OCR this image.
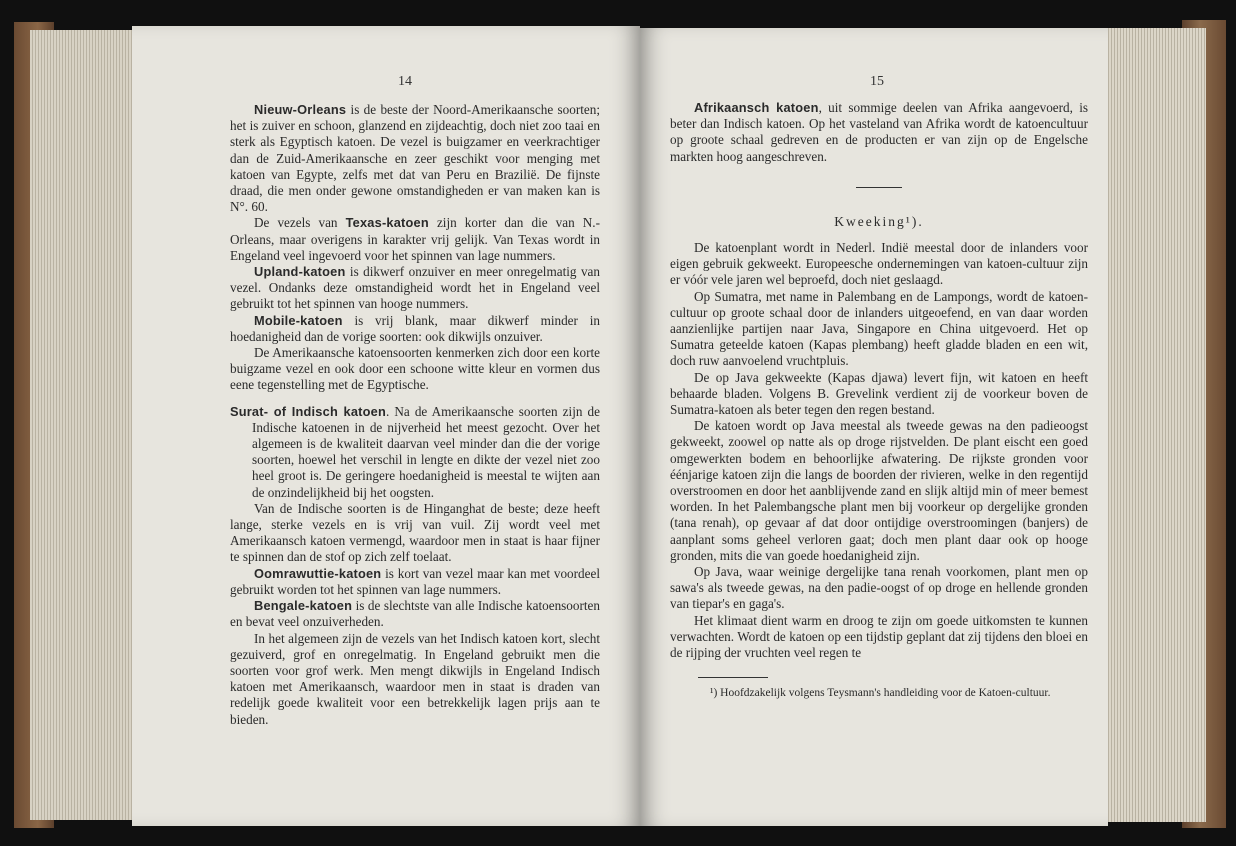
14

Nieuw-Orleans is de beste der Noord-Amerikaansche soorten; het is zuiver en schoon, glanzend en zijdeachtig, doch niet zoo taai en sterk als Egyptisch katoen. De vezel is buigzamer en veerkrachtiger dan de Zuid-Amerikaansche en zeer geschikt voor menging met katoen van Egypte, zelfs met dat van Peru en Brazilië. De fijnste draad, die men onder gewone omstandigheden er van maken kan is N°. 60.

De vezels van Texas-katoen zijn korter dan die van N.-Orleans, maar overigens in karakter vrij gelijk. Van Texas wordt in Engeland veel ingevoerd voor het spinnen van lage nummers.

Upland-katoen is dikwerf onzuiver en meer onregelmatig van vezel. Ondanks deze omstandigheid wordt het in Engeland veel gebruikt tot het spinnen van hooge nummers.

Mobile-katoen is vrij blank, maar dikwerf minder in hoedanigheid dan de vorige soorten: ook dikwijls onzuiver.

De Amerikaansche katoensoorten kenmerken zich door een korte buigzame vezel en ook door een schoone witte kleur en vormen dus eene tegenstelling met de Egyptische.

Surat- of Indisch katoen. Na de Amerikaansche soorten zijn de Indische katoenen in de nijverheid het meest gezocht. Over het algemeen is de kwaliteit daarvan veel minder dan die der vorige soorten, hoewel het verschil in lengte en dikte der vezel niet zoo heel groot is. De geringere hoedanigheid is meestal te wijten aan de onzindelijkheid bij het oogsten.

Van de Indische soorten is de Hinganghat de beste; deze heeft lange, sterke vezels en is vrij van vuil. Zij wordt veel met Amerikaansch katoen vermengd, waardoor men in staat is haar fijner te spinnen dan de stof op zich zelf toelaat.

Oomrawuttie-katoen is kort van vezel maar kan met voordeel gebruikt worden tot het spinnen van lage nummers.

Bengale-katoen is de slechtste van alle Indische katoensoorten en bevat veel onzuiverheden.

In het algemeen zijn de vezels van het Indisch katoen kort, slecht gezuiverd, grof en onregelmatig. In Engeland gebruikt men die soorten voor grof werk. Men mengt dikwijls in Engeland Indisch katoen met Amerikaansch, waardoor men in staat is draden van redelijk goede kwaliteit voor een betrekkelijk lagen prijs aan te bieden.

15

Afrikaansch katoen, uit sommige deelen van Afrika aangevoerd, is beter dan Indisch katoen. Op het vasteland van Afrika wordt de katoencultuur op groote schaal gedreven en de producten er van zijn op de Engelsche markten hoog aangeschreven.

Kweeking¹).

De katoenplant wordt in Nederl. Indië meestal door de inlanders voor eigen gebruik gekweekt. Europeesche ondernemingen van katoen-cultuur zijn er vóór vele jaren wel beproefd, doch niet geslaagd.

Op Sumatra, met name in Palembang en de Lampongs, wordt de katoen-cultuur op groote schaal door de inlanders uitgeoefend, en van daar worden aanzienlijke partijen naar Java, Singapore en China uitgevoerd. Het op Sumatra geteelde katoen (Kapas plembang) heeft gladde bladen en een wit, doch ruw aanvoelend vruchtpluis.

De op Java gekweekte (Kapas djawa) levert fijn, wit katoen en heeft behaarde bladen. Volgens B. Grevelink verdient zij de voorkeur boven de Sumatra-katoen als beter tegen den regen bestand.

De katoen wordt op Java meestal als tweede gewas na den padieoogst gekweekt, zoowel op natte als op droge rijstvelden. De plant eischt een goed omgewerkten bodem en behoorlijke afwatering. De rijkste gronden voor éénjarige katoen zijn die langs de boorden der rivieren, welke in den regentijd overstroomen en door het aanblijvende zand en slijk altijd min of meer bemest worden. In het Palembangsche plant men bij voorkeur op dergelijke gronden (tana renah), op gevaar af dat door ontijdige overstroomingen (banjers) de aanplant soms geheel verloren gaat; doch men plant daar ook op hooge gronden, mits die van goede hoedanigheid zijn.

Op Java, waar weinige dergelijke tana renah voorkomen, plant men op sawa's als tweede gewas, na den padie-oogst of op droge en hellende gronden van tiepar's en gaga's.

Het klimaat dient warm en droog te zijn om goede uitkomsten te kunnen verwachten. Wordt de katoen op een tijdstip geplant dat zij tijdens den bloei en de rijping der vruchten veel regen te

¹) Hoofdzakelijk volgens Teysmann's handleiding voor de Katoen-cultuur.
